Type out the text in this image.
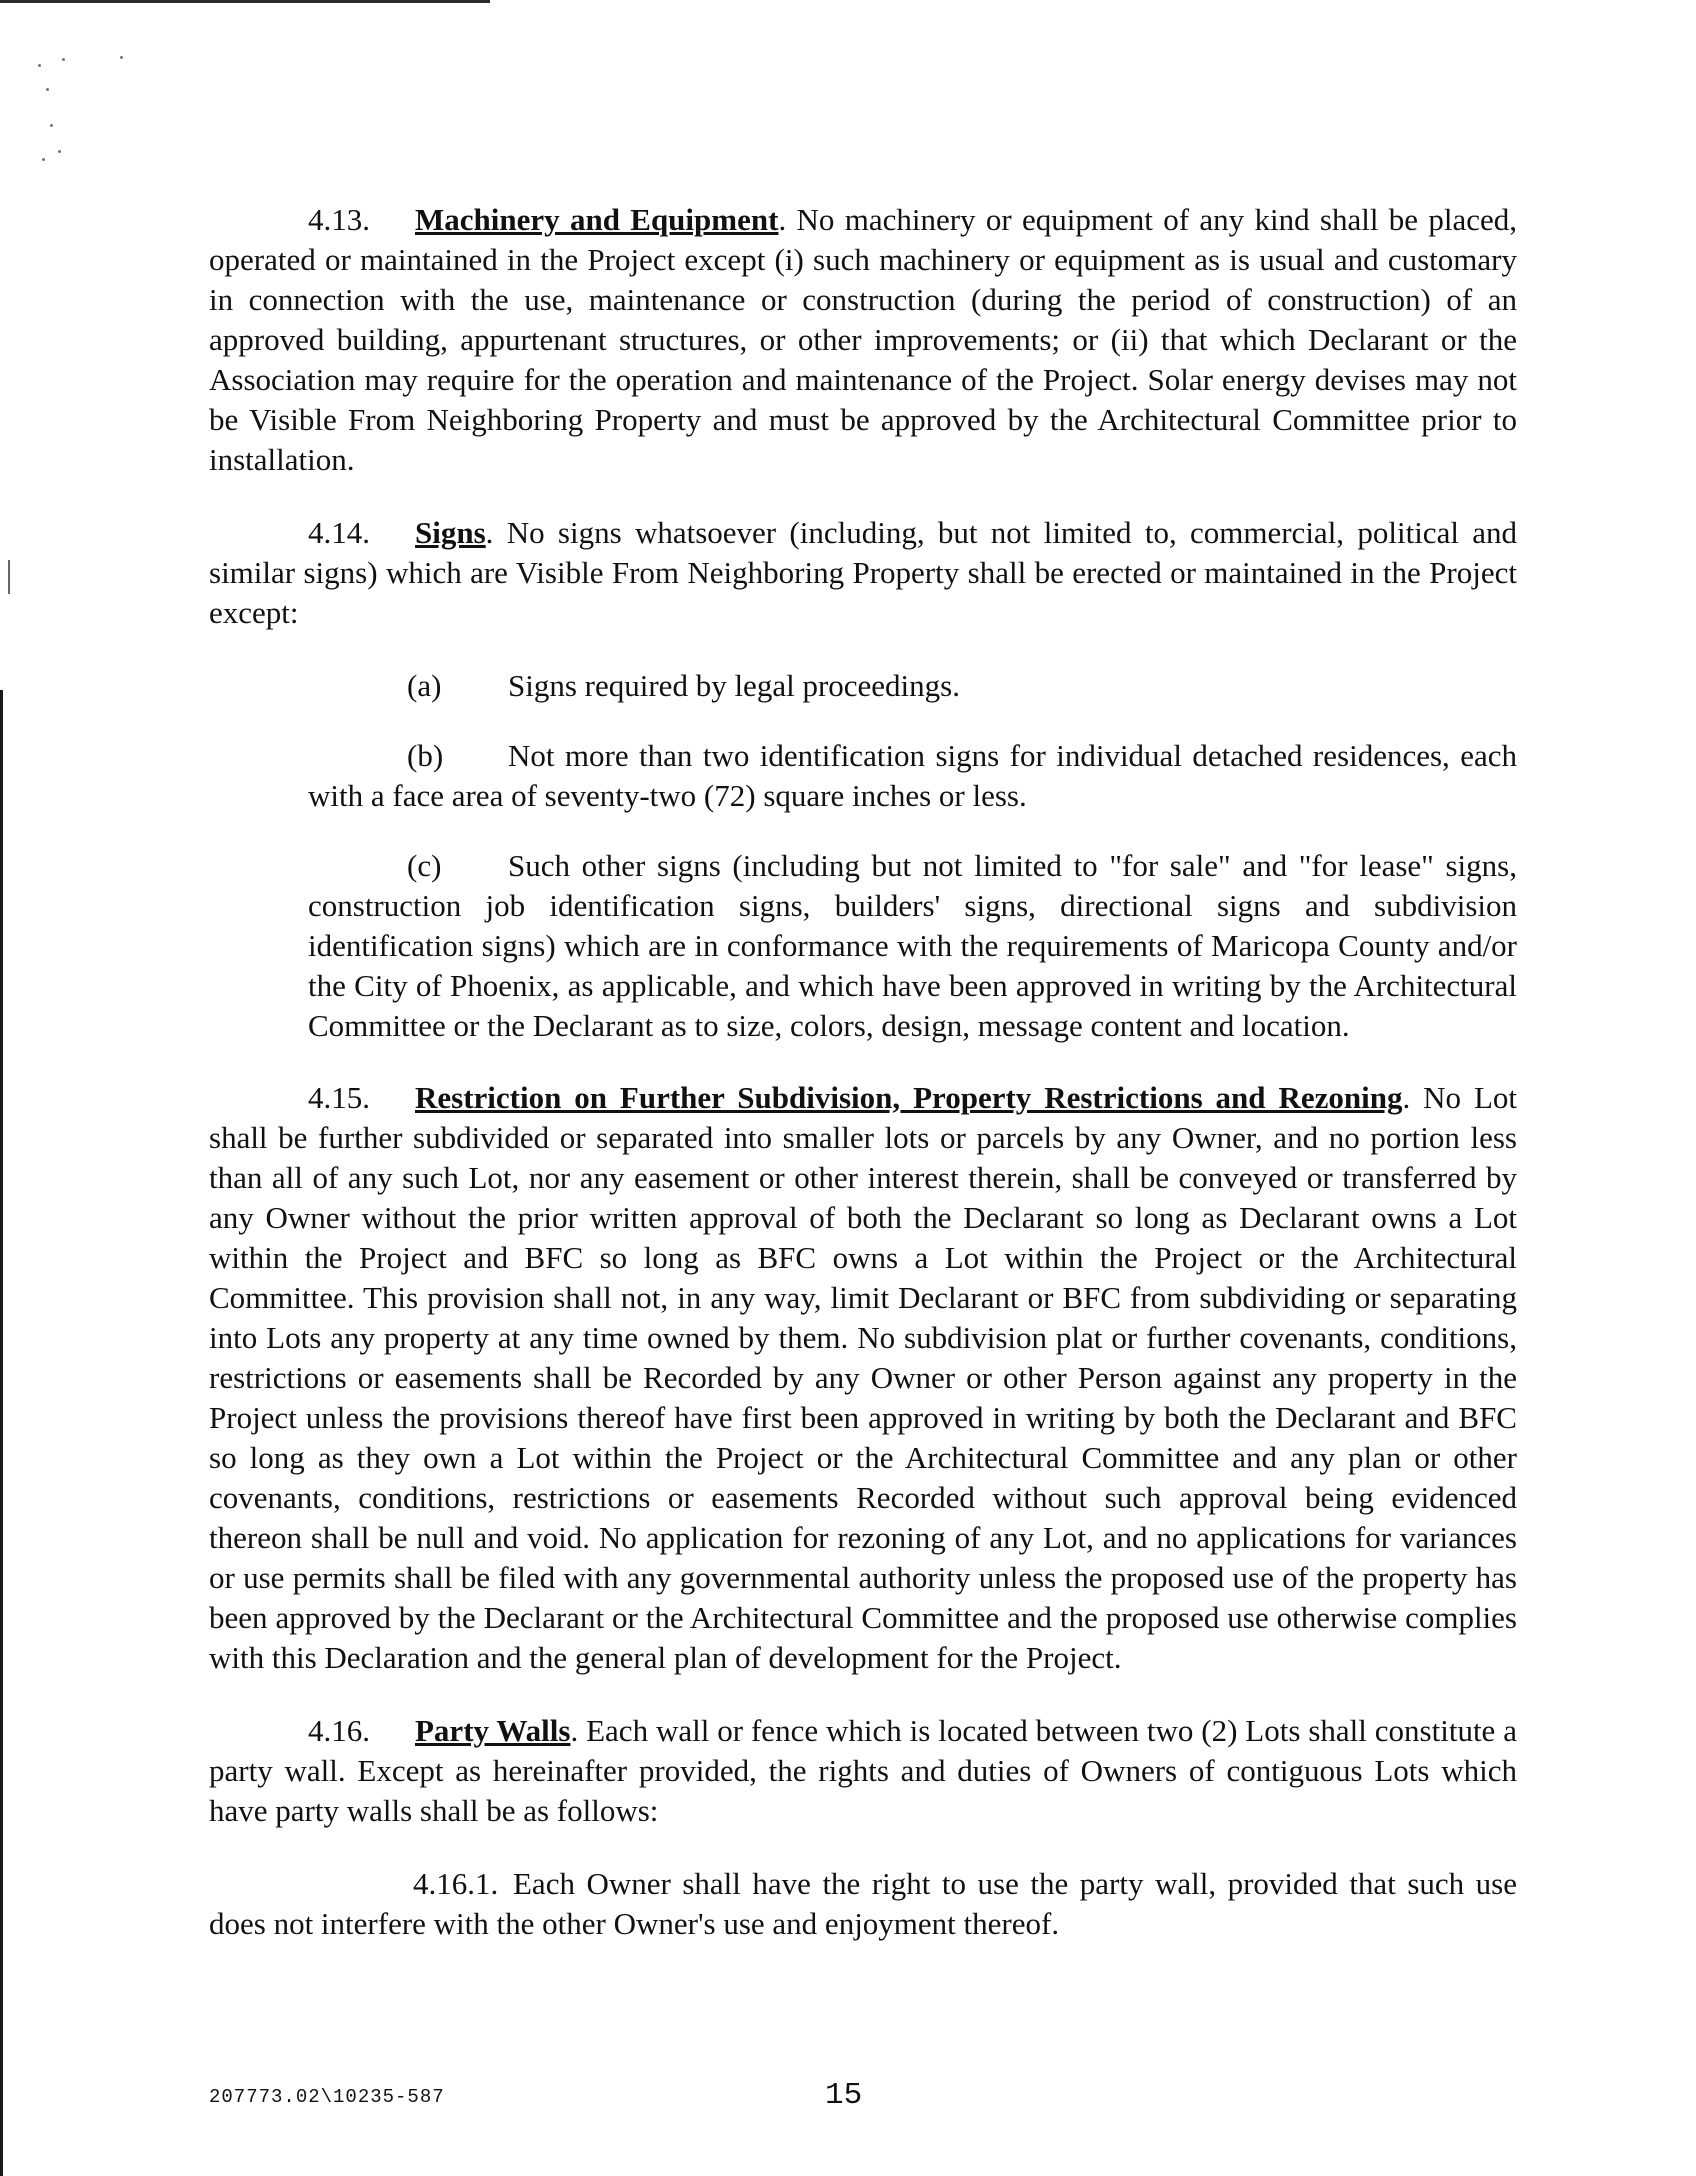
4.13. Machinery and Equipment. No machinery or equipment of any kind shall be placed, operated or maintained in the Project except (i) such machinery or equipment as is usual and customary in connection with the use, maintenance or construction (during the period of construction) of an approved building, appurtenant structures, or other improvements; or (ii) that which Declarant or the Association may require for the operation and maintenance of the Project. Solar energy devises may not be Visible From Neighboring Property and must be approved by the Architectural Committee prior to installation.

4.14. Signs. No signs whatsoever (including, but not limited to, commercial, political and similar signs) which are Visible From Neighboring Property shall be erected or maintained in the Project except:

(a) Signs required by legal proceedings.

(b) Not more than two identification signs for individual detached residences, each with a face area of seventy-two (72) square inches or less.

(c) Such other signs (including but not limited to "for sale" and "for lease" signs, construction job identification signs, builders' signs, directional signs and subdivision identification signs) which are in conformance with the requirements of Maricopa County and/or the City of Phoenix, as applicable, and which have been approved in writing by the Architectural Committee or the Declarant as to size, colors, design, message content and location.

4.15. Restriction on Further Subdivision, Property Restrictions and Rezoning. No Lot shall be further subdivided or separated into smaller lots or parcels by any Owner, and no portion less than all of any such Lot, nor any easement or other interest therein, shall be conveyed or transferred by any Owner without the prior written approval of both the Declarant so long as Declarant owns a Lot within the Project and BFC so long as BFC owns a Lot within the Project or the Architectural Committee. This provision shall not, in any way, limit Declarant or BFC from subdividing or separating into Lots any property at any time owned by them. No subdivision plat or further covenants, conditions, restrictions or easements shall be Recorded by any Owner or other Person against any property in the Project unless the provisions thereof have first been approved in writing by both the Declarant and BFC so long as they own a Lot within the Project or the Architectural Committee and any plan or other covenants, conditions, restrictions or easements Recorded without such approval being evidenced thereon shall be null and void. No application for rezoning of any Lot, and no applications for variances or use permits shall be filed with any governmental authority unless the proposed use of the property has been approved by the Declarant or the Architectural Committee and the proposed use otherwise complies with this Declaration and the general plan of development for the Project.

4.16. Party Walls. Each wall or fence which is located between two (2) Lots shall constitute a party wall. Except as hereinafter provided, the rights and duties of Owners of contiguous Lots which have party walls shall be as follows:

4.16.1. Each Owner shall have the right to use the party wall, provided that such use does not interfere with the other Owner's use and enjoyment thereof.

207773.02\10235-587	15
